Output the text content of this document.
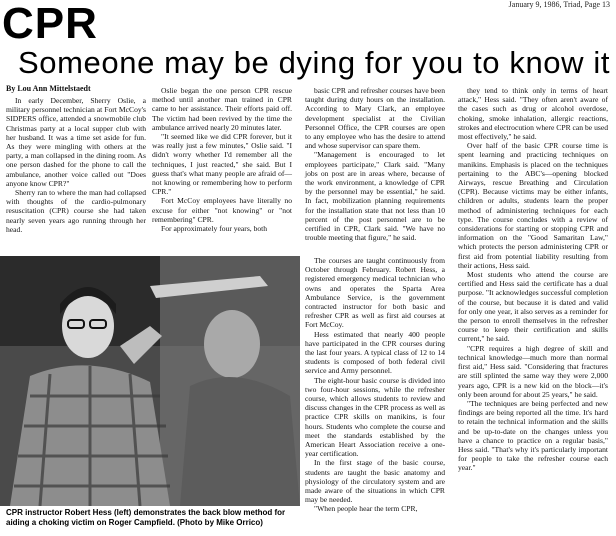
January 9, 1986, Triad, Page 13
CPR
Someone may be dying for you to know it
By Lou Ann Mittelstaedt

In early December, Sherry Oslie, a military personnel technician at Fort McCoy's SIDPERS office, attended a snowmobile club Christmas party at a local supper club with her husband. It was a time set aside for fun. As they were mingling with others at the party, a man collapsed in the dining room. As one person dashed for the phone to call the ambulance, another voice called out "Does anyone know CPR?"

Sherry ran to where the man had collapsed with thoughts of the cardio-pulmonary resuscitation (CPR) course she had taken nearly seven years ago running through her head.

Oslie began the one person CPR rescue method until another man trained in CPR came to her assistance. Their efforts paid off. The victim had been revived by the time the ambulance arrived nearly 20 minutes later.

"It seemed like we did CPR forever, but it was really just a few minutes," Oslie said. "I didn't worry whether I'd remember all the techniques, I just reacted," she said. But I guess that's what many people are afraid of—not knowing or remembering how to perform CPR."

Fort McCoy employees have literally no excuse for either "not knowing" or "not remembering" CPR.

For approximately four years, both

basic CPR and refresher courses have been taught during duty hours on the installation. According to Mary Clark, an employee development specialist at the Civilian Personnel Office, the CPR courses are open to any employee who has the desire to attend and whose supervisor can spare them.

"Management is encouraged to let employees participate," Clark said. "Many jobs on post are in areas where, because of the work environment, a knowledge of CPR by the personnel may be essential," he said. In fact, mobilization planning requirements for the installation state that not less than 10 percent of the post personnel are to be certified in CPR, Clark said. "We have no trouble meeting that figure," he said.

The courses are taught continuously from October through February. Robert Hess, a registered emergency medical technician who owns and operates the Sparta Area Ambulance Service, is the government contracted instructor for both basic and refresher CPR as well as first aid courses at Fort McCoy.

Hess estimated that nearly 400 people have participated in the CPR courses during the last four years. A typical class of 12 to 14 students is composed of both federal civil service and Army personnel.

The eight-hour basic course is divided into two four-hour sessions, while the refresher course, which allows students to review and discuss changes in the CPR process as well as practice CPR skills on manikins, is four hours. Students who complete the course and meet the standards established by the American Heart Association receive a one-year certification.

In the first stage of the basic course, students are taught the basic anatomy and physiology of the circulatory system and are made aware of the situations in which CPR may be needed.

"When people hear the term CPR,

they tend to think only in terms of heart attack," Hess said. "They often aren't aware of the cases such as drug or alcohol overdose, choking, smoke inhalation, allergic reactions, strokes and electrocution where CPR can be used most effectively," he said.

Over half of the basic CPR course time is spent learning and practicing techniques on manikins. Emphasis is placed on the techniques pertaining to the ABC's—opening blocked Airways, rescue Breathing and Circulation (CPR). Because victims may be either infants, children or adults, students learn the proper method of administering techniques for each type. The course concludes with a review of considerations for starting or stopping CPR and information on the "Good Samaritan Law," which protects the person administering CPR or first aid from potential liability resulting from their actions, Hess said.

Most students who attend the course are certified and Hess said the certificate has a dual purpose. "It acknowledges successful completion of the course, but because it is dated and valid for only one year, it also serves as a reminder for the person to enroll themselves in the refresher course to keep their certification and skills current," he said.

"CPR requires a high degree of skill and technical knowledge—much more than normal first aid," Hess said. "Considering that fractures are still splinted the same way they were 2,000 years ago, CPR is a new kid on the block—it's only been around for about 25 years," he said.

"The techniques are being perfected and new findings are being reported all the time. It's hard to retain the technical information and the skills and be up-to-date on the changes unless you have a chance to practice on a regular basis," Hess said. "That's why it's particularly important for people to take the refresher course each year."

CPR instructor Robert Hess (left) demonstrates the back blow method for aiding a choking victim on Roger Campfield. (Photo by Mike Orrico)
